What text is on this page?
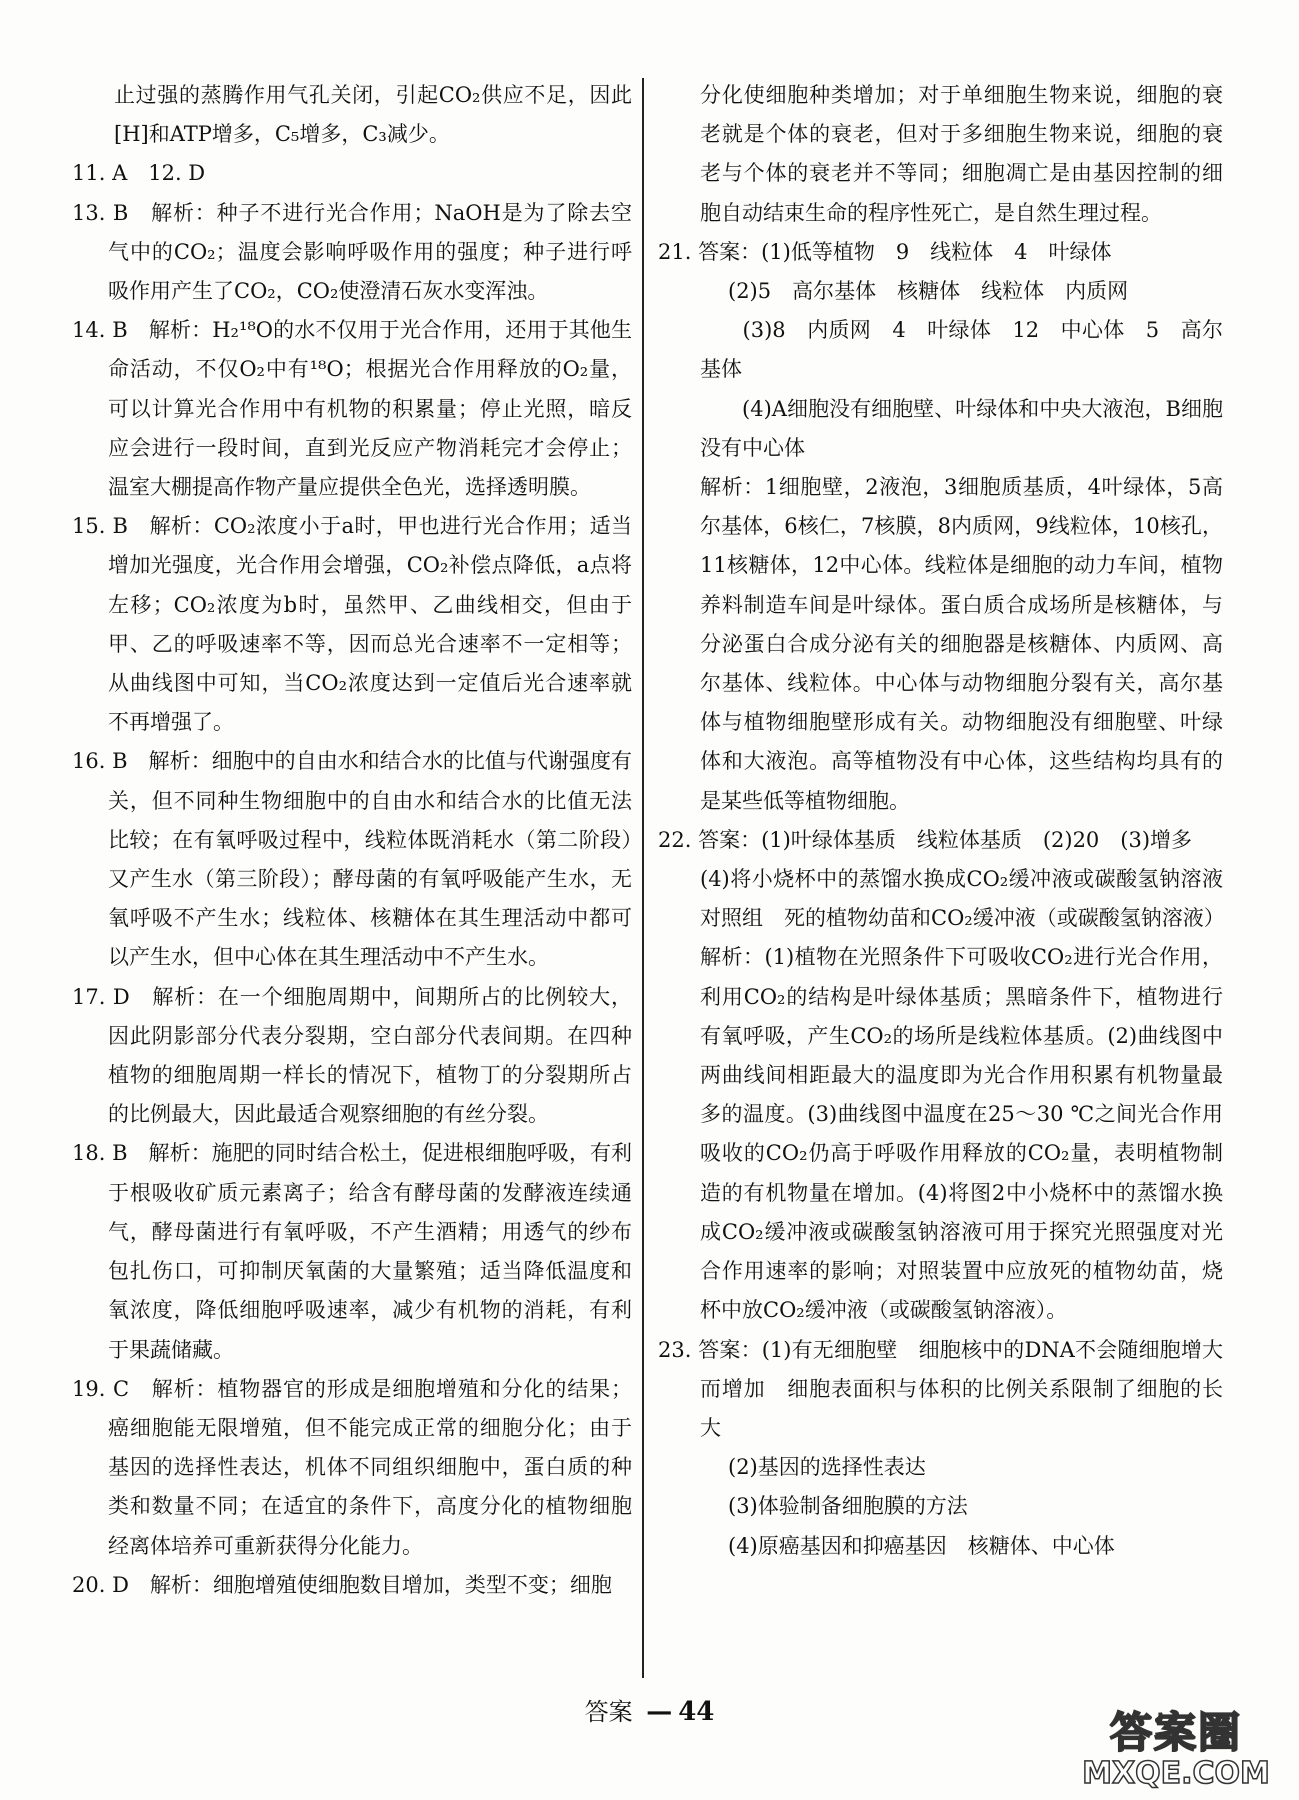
止过强的蒸腾作用气孔关闭，引起CO₂供应不足，因此[H]和ATP增多，C₅增多，C₃减少。

11. A　12. D

13. B　解析：种子不进行光合作用；NaOH是为了除去空气中的CO₂；温度会影响呼吸作用的强度；种子进行呼吸作用产生了CO₂，CO₂使澄清石灰水变浑浊。

14. B　解析：H₂¹⁸O的水不仅用于光合作用，还用于其他生命活动，不仅O₂中有¹⁸O；根据光合作用释放的O₂量，可以计算光合作用中有机物的积累量；停止光照，暗反应会进行一段时间，直到光反应产物消耗完才会停止；温室大棚提高作物产量应提供全色光，选择透明膜。

15. B　解析：CO₂浓度小于a时，甲也进行光合作用；适当增加光强度，光合作用会增强，CO₂补偿点降低，a点将左移；CO₂浓度为b时，虽然甲、乙曲线相交，但由于甲、乙的呼吸速率不等，因而总光合速率不一定相等；从曲线图中可知，当CO₂浓度达到一定值后光合速率就不再增强了。

16. B　解析：细胞中的自由水和结合水的比值与代谢强度有关，但不同种生物细胞中的自由水和结合水的比值无法比较；在有氧呼吸过程中，线粒体既消耗水（第二阶段）又产生水（第三阶段）；酵母菌的有氧呼吸能产生水，无氧呼吸不产生水；线粒体、核糖体在其生理活动中都可以产生水，但中心体在其生理活动中不产生水。

17. D　解析：在一个细胞周期中，间期所占的比例较大，因此阴影部分代表分裂期，空白部分代表间期。在四种植物的细胞周期一样长的情况下，植物丁的分裂期所占的比例最大，因此最适合观察细胞的有丝分裂。

18. B　解析：施肥的同时结合松土，促进根细胞呼吸，有利于根吸收矿质元素离子；给含有酵母菌的发酵液连续通气，酵母菌进行有氧呼吸，不产生酒精；用透气的纱布包扎伤口，可抑制厌氧菌的大量繁殖；适当降低温度和氧浓度，降低细胞呼吸速率，减少有机物的消耗，有利于果蔬储藏。

19. C　解析：植物器官的形成是细胞增殖和分化的结果；癌细胞能无限增殖，但不能完成正常的细胞分化；由于基因的选择性表达，机体不同组织细胞中，蛋白质的种类和数量不同；在适宜的条件下，高度分化的植物细胞经离体培养可重新获得分化能力。

20. D　解析：细胞增殖使细胞数目增加，类型不变；细胞

分化使细胞种类增加；对于单细胞生物来说，细胞的衰老就是个体的衰老，但对于多细胞生物来说，细胞的衰老与个体的衰老并不等同；细胞凋亡是由基因控制的细胞自动结束生命的程序性死亡，是自然生理过程。

21. 答案：(1)低等植物　9　线粒体　4　叶绿体

(2)5　高尔基体　核糖体　线粒体　内质网

　　(3)8　内质网　4　叶绿体　12　中心体　5　高尔基体

　　(4)A细胞没有细胞壁、叶绿体和中央大液泡，B细胞没有中心体

解析：1细胞壁，2液泡，3细胞质基质，4叶绿体，5高尔基体，6核仁，7核膜，8内质网，9线粒体，10核孔，11核糖体，12中心体。线粒体是细胞的动力车间，植物养料制造车间是叶绿体。蛋白质合成场所是核糖体，与分泌蛋白合成分泌有关的细胞器是核糖体、内质网、高尔基体、线粒体。中心体与动物细胞分裂有关，高尔基体与植物细胞壁形成有关。动物细胞没有细胞壁、叶绿体和大液泡。高等植物没有中心体，这些结构均具有的是某些低等植物细胞。

22. 答案：(1)叶绿体基质　线粒体基质　(2)20　(3)增多

(4)将小烧杯中的蒸馏水换成CO₂缓冲液或碳酸氢钠溶液　对照组　死的植物幼苗和CO₂缓冲液（或碳酸氢钠溶液）

解析：(1)植物在光照条件下可吸收CO₂进行光合作用，利用CO₂的结构是叶绿体基质；黑暗条件下，植物进行有氧呼吸，产生CO₂的场所是线粒体基质。(2)曲线图中两曲线间相距最大的温度即为光合作用积累有机物量最多的温度。(3)曲线图中温度在25～30 ℃之间光合作用吸收的CO₂仍高于呼吸作用释放的CO₂量，表明植物制造的有机物量在增加。(4)将图2中小烧杯中的蒸馏水换成CO₂缓冲液或碳酸氢钠溶液可用于探究光照强度对光合作用速率的影响；对照装置中应放死的植物幼苗，烧杯中放CO₂缓冲液（或碳酸氢钠溶液）。

23. 答案：(1)有无细胞壁　细胞核中的DNA不会随细胞增大而增加　细胞表面积与体积的比例关系限制了细胞的长大

(2)基因的选择性表达

(3)体验制备细胞膜的方法

(4)原癌基因和抑癌基因　核糖体、中心体

答案 — 44	答案圈
MXQE.COM
